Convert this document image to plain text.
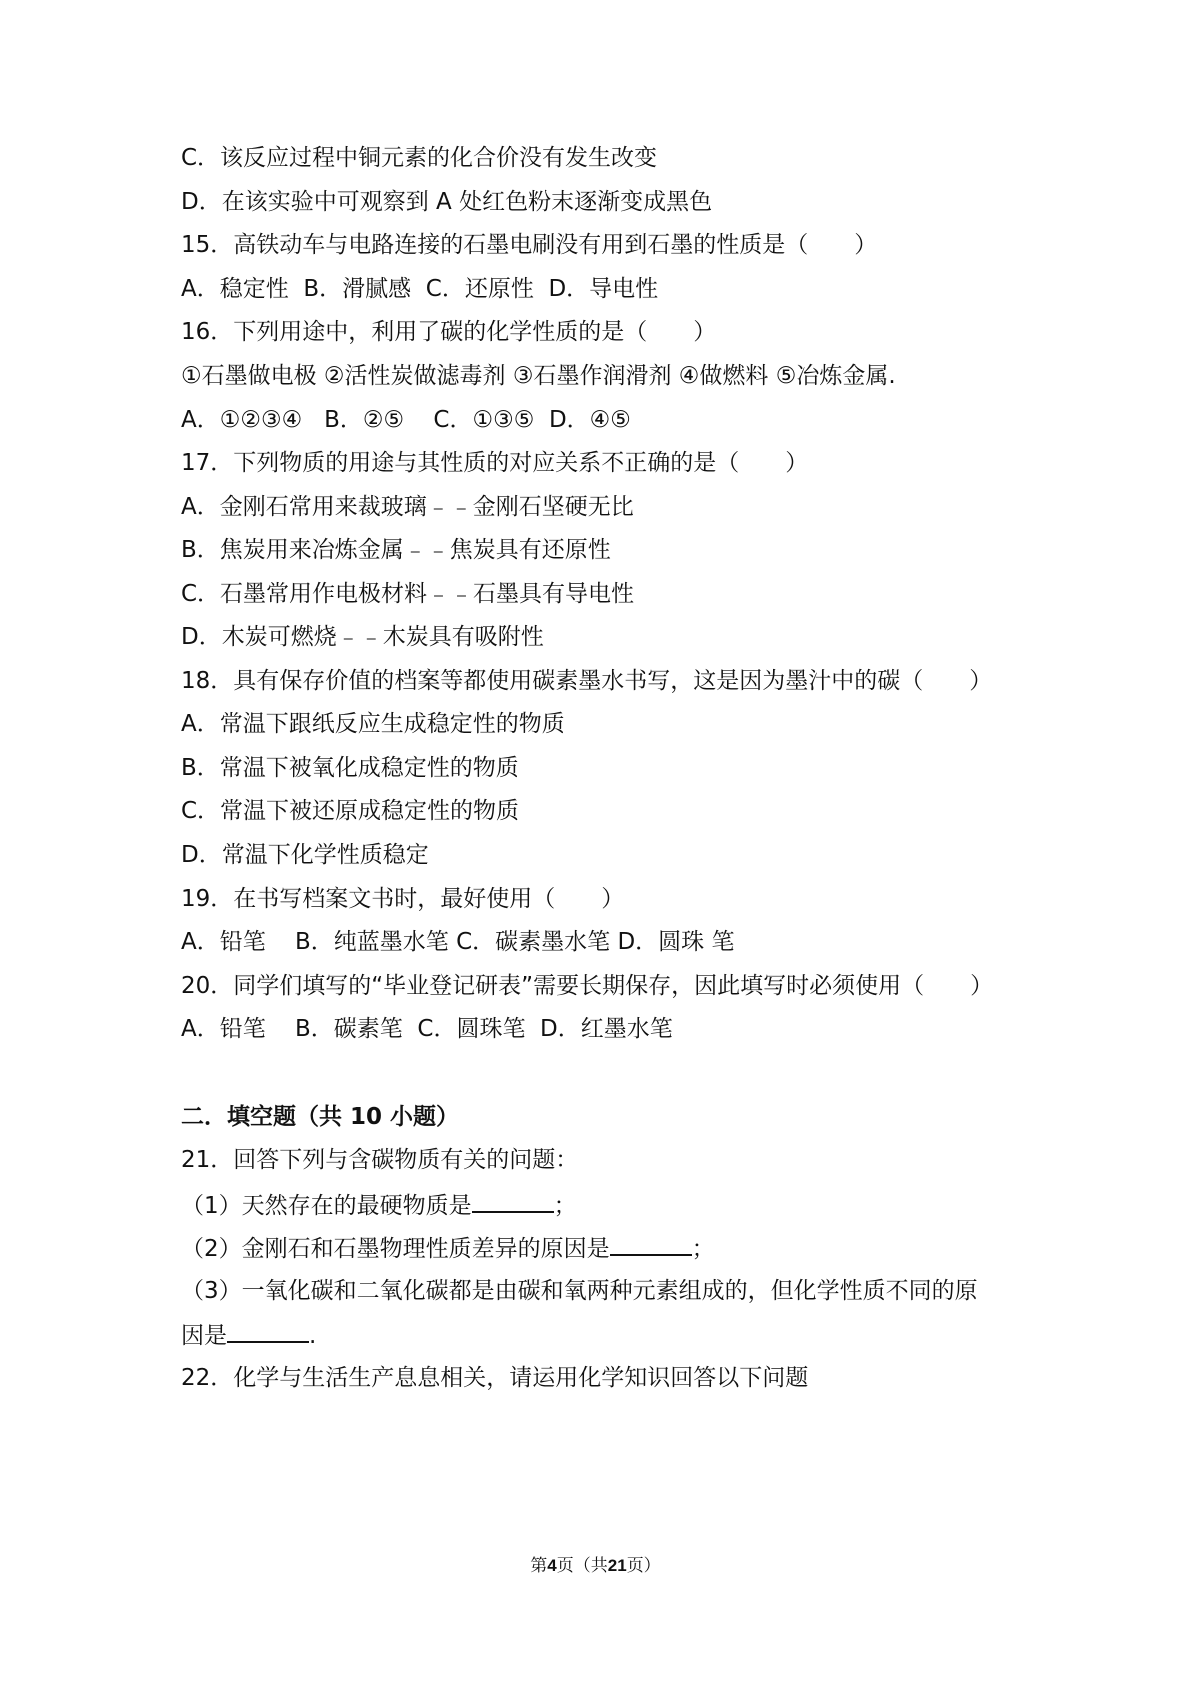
C．该反应过程中铜元素的化合价没有发生改变
D．在该实验中可观察到 A 处红色粉末逐渐变成黑色
15．高铁动车与电路连接的石墨电刷没有用到石墨的性质是（　　）
A．稳定性  B．滑腻感  C．还原性  D．导电性
16．下列用途中，利用了碳的化学性质的是（　　）
①石墨做电极 ②活性炭做滤毒剂 ③石墨作润滑剂 ④做燃料 ⑤冶炼金属.
A．①②③④   B．②⑤    C．①③⑤  D．④⑤
17．下列物质的用途与其性质的对应关系不正确的是（　　）
A．金刚石常用来裁玻璃﹣﹣金刚石坚硬无比
B．焦炭用来冶炼金属﹣﹣焦炭具有还原性
C．石墨常用作电极材料﹣﹣石墨具有导电性
D．木炭可燃烧﹣﹣木炭具有吸附性
18．具有保存价值的档案等都使用碳素墨水书写，这是因为墨汁中的碳（　　）
A．常温下跟纸反应生成稳定性的物质
B．常温下被氧化成稳定性的物质
C．常温下被还原成稳定性的物质
D．常温下化学性质稳定
19．在书写档案文书时，最好使用（　　）
A．铅笔    B．纯蓝墨水笔 C．碳素墨水笔 D．圆珠 笔
20．同学们填写的“毕业登记研表”需要长期保存，因此填写时必须使用（　　）
A．铅笔    B．碳素笔  C．圆珠笔  D．红墨水笔
二．填空题（共 10 小题）
21．回答下列与含碳物质有关的问题：
（1）天然存在的最硬物质是	；
（2）金刚石和石墨物理性质差异的原因是	；
（3）一氧化碳和二氧化碳都是由碳和氧两种元素组成的，但化学性质不同的原
因是	.
22．化学与生活生产息息相关，请运用化学知识回答以下问题
第4页（共21页）
